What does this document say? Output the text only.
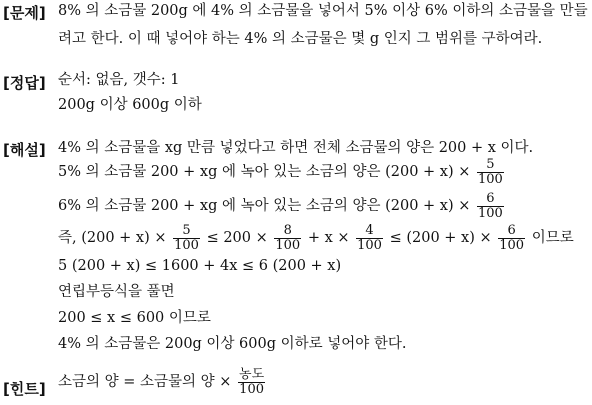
[문제] 8% 의 소금물 200g 에 4% 의 소금물을 넣어서 5% 이상 6% 이하의 소금물을 만들
려고 한다. 이 때 넣어야 하는 4% 의 소금물은 몇 g 인지 그 범위를 구하여라.
[정답] 순서: 없음, 갯수: 1
200g 이상 600g 이하
[해설] 4% 의 소금물을 xg 만큼 넣었다고 하면 전체 소금물의 양은 200 + x 이다.
5% 의 소금물 200 + xg 에 녹아 있는 소금의 양은 $(200 + x) \times \frac{5}{100}$
6% 의 소금물 200 + xg 에 녹아 있는 소금의 양은 $(200 + x) \times \frac{6}{100}$
즉, $(200 + x) \times \frac{5}{100} \le 200 \times \frac{8}{100} + x \times \frac{4}{100} \le (200 + x) \times \frac{6}{100}$ 이므로
5 (200 + x) ≤ 1600 + 4x ≤ 6 (200 + x)
연립부등식을 풀면
200 ≤ x ≤ 600 이므로
4% 의 소금물은 200g 이상 600g 이하로 넣어야 한다.
[힌트] 소금의 양 = 소금물의 양 × $\frac{\text{농도}}{100}$
